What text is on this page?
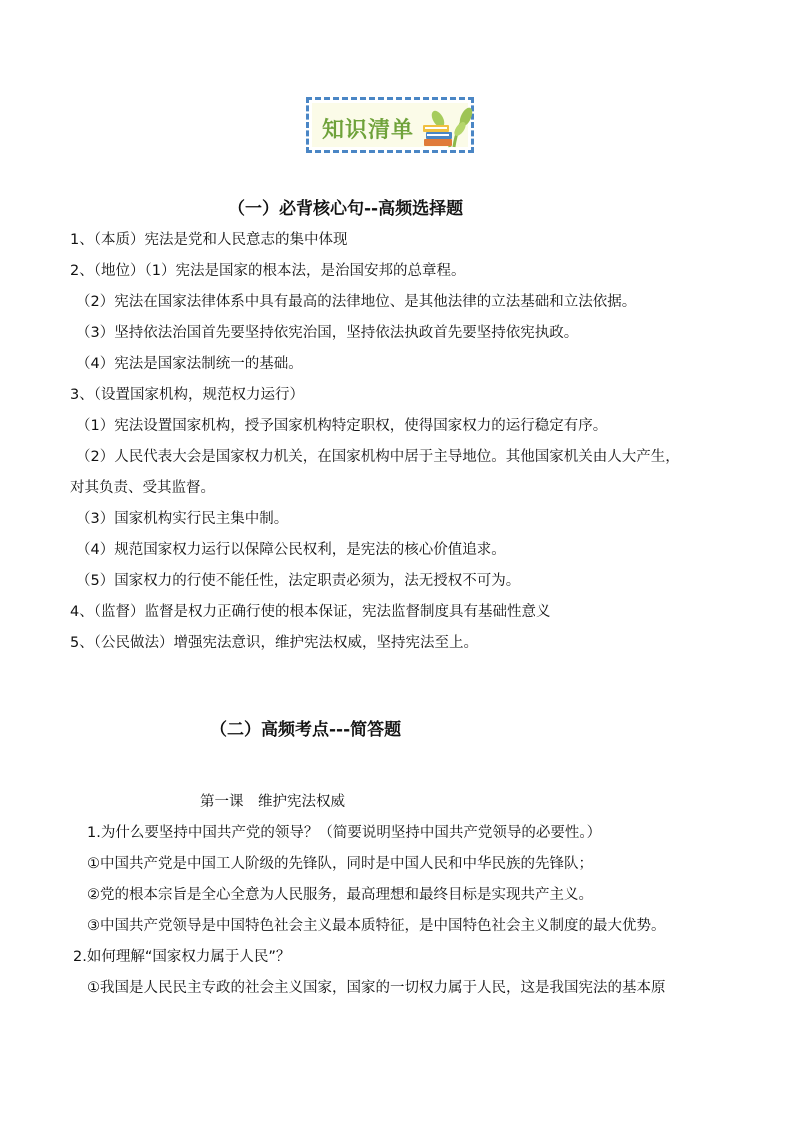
知识清单
（一）必背核心句--高频选择题
1、（本质）宪法是党和人民意志的集中体现
2、（地位）（1）宪法是国家的根本法，是治国安邦的总章程。
（2）宪法在国家法律体系中具有最高的法律地位、是其他法律的立法基础和立法依据。
（3）坚持依法治国首先要坚持依宪治国，坚持依法执政首先要坚持依宪执政。
（4）宪法是国家法制统一的基础。
3、（设置国家机构，规范权力运行）
（1）宪法设置国家机构，授予国家机构特定职权，使得国家权力的运行稳定有序。
（2）人民代表大会是国家权力机关，在国家机构中居于主导地位。其他国家机关由人大产生，
对其负责、受其监督。
（3）国家机构实行民主集中制。
（4）规范国家权力运行以保障公民权利，是宪法的核心价值追求。
（5）国家权力的行使不能任性，法定职责必须为，法无授权不可为。
4、（监督）监督是权力正确行使的根本保证，宪法监督制度具有基础性意义
5、（公民做法）增强宪法意识，维护宪法权威，坚持宪法至上。
（二）高频考点---简答题
第一课　维护宪法权威
1.为什么要坚持中国共产党的领导？（简要说明坚持中国共产党领导的必要性。）
①中国共产党是中国工人阶级的先锋队，同时是中国人民和中华民族的先锋队；
②党的根本宗旨是全心全意为人民服务，最高理想和最终目标是实现共产主义。
③中国共产党领导是中国特色社会主义最本质特征，是中国特色社会主义制度的最大优势。
2.如何理解“国家权力属于人民”？
①我国是人民民主专政的社会主义国家，国家的一切权力属于人民，这是我国宪法的基本原
